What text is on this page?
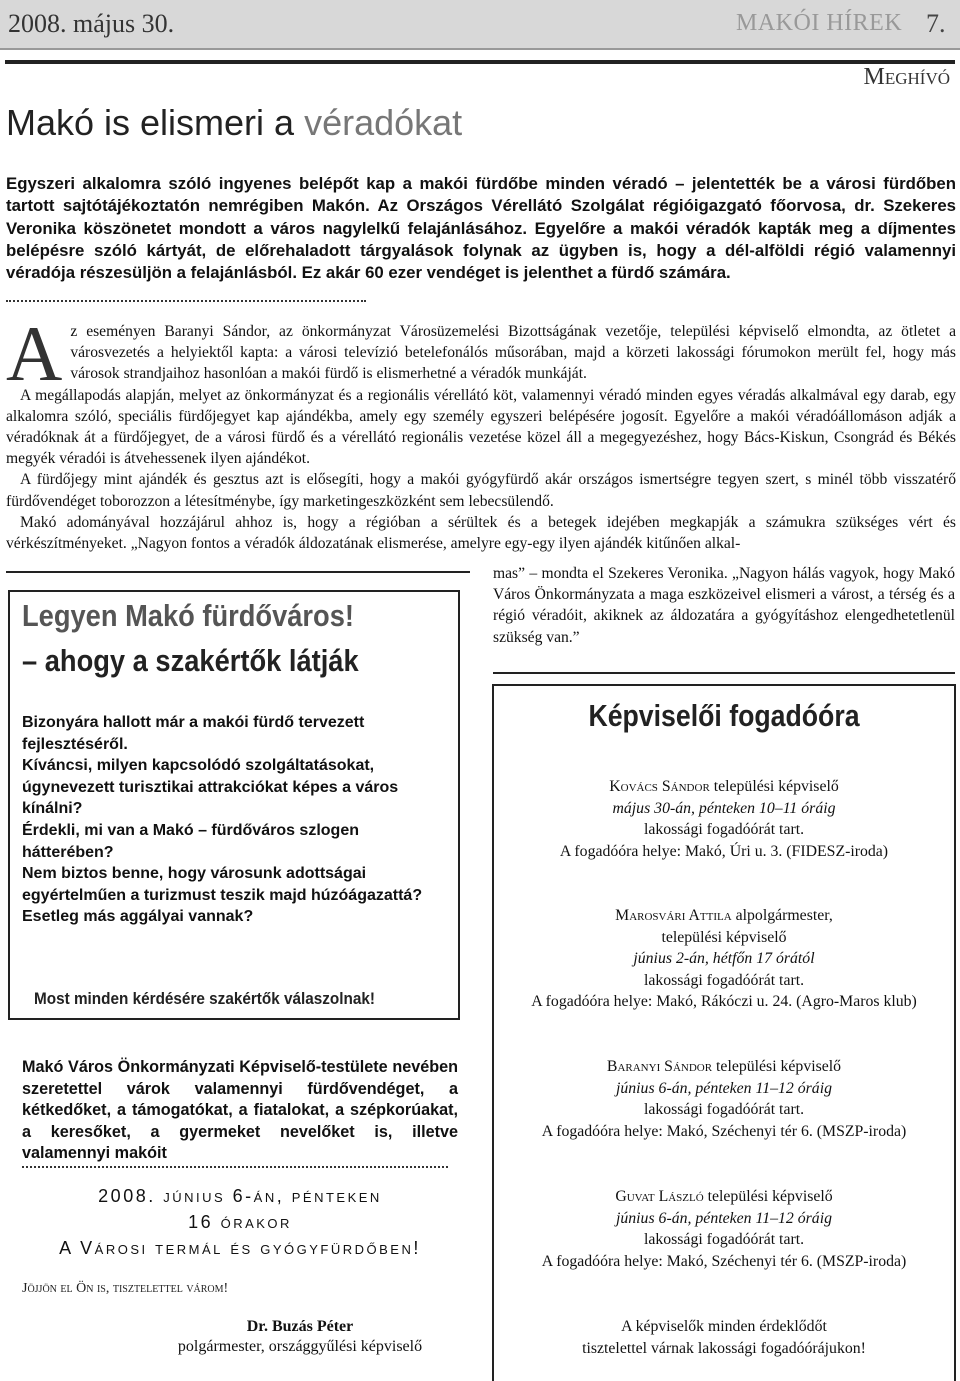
2008. május 30.	MAKÓI HÍREK 7.
Meghívó
Makó is elismeri a véradókat
Egyszeri alkalomra szóló ingyenes belépőt kap a makói fürdőbe minden véradó – jelentették be a városi fürdőben tartott sajtótájékoztatón nemrégiben Makón. Az Országos Vérellátó Szolgálat régióigazgató főorvosa, dr. Szekeres Veronika köszönetet mondott a város nagylelkű felajánlásához. Egyelőre a makói véradók kapták meg a díjmentes belépésre szóló kártyát, de előrehaladott tárgyalások folynak az ügyben is, hogy a dél-alföldi régió valamennyi véradója részesüljön a felajánlásból. Ez akár 60 ezer vendéget is jelenthet a fürdő számára.

Az eseményen Baranyi Sándor, az önkormányzat Városüzemelési Bizottságának vezetője, települési képviselő elmondta, az ötletet a városvezetés a helyiektől kapta: a városi televízió betelefonálós műsorában, majd a körzeti lakossági fórumokon merült fel, hogy más városok strandjaihoz hasonlóan a makói fürdő is elismerhetné a véradók munkáját.

A megállapodás alapján, melyet az önkormányzat és a regionális vérellátó köt, valamennyi véradó minden egyes véradás alkalmával egy darab, egy alkalomra szóló, speciális fürdőjegyet kap ajándékba, amely egy személy egyszeri belépésére jogosít. Egyelőre a makói véradóállomáson adják a véradóknak át a fürdőjegyet, de a városi fürdő és a vérellátó regionális vezetése közel áll a megegyezéshez, hogy Bács-Kiskun, Csongrád és Békés megyék véradói is átvehessenek ilyen ajándékot.

A fürdőjegy mint ajándék és gesztus azt is elősegíti, hogy a makói gyógyfürdő akár országos ismertségre tegyen szert, s minél több visszatérő fürdővendéget toborozzon a létesítménybe, így marketingeszközként sem lebecsülendő.

Makó adományával hozzájárul ahhoz is, hogy a régióban a sérültek és a betegek idejében megkapják a számukra szükséges vért és vérkészítményeket. „Nagyon fontos a véradók áldozatának elismerése, amelyre egy-egy ilyen ajándék kitűnően alkal-

mas” – mondta el Szekeres Veronika. „Nagyon hálás vagyok, hogy Makó Város Önkormányzata a maga eszközeivel elismeri a várost, a térség és a régió véradóit, akiknek az áldozatára a gyógyításhoz elengedhetetlenül szükség van.”
Legyen Makó fürdőváros!
– ahogy a szakértők látják
Bizonyára hallott már a makói fürdő tervezett fejlesztéséről.
Kíváncsi, milyen kapcsolódó szolgáltatásokat, úgynevezett turisztikai attrakciókat képes a város kínálni?
Érdekli, mi van a Makó – fürdőváros szlogen hátterében?
Nem biztos benne, hogy városunk adottságai egyértelműen a turizmust teszik majd húzóágazattá?
Esetleg más aggályai vannak?
Most minden kérdésére szakértők válaszolnak!
Makó Város Önkormányzati Képviselő-testülete nevében szeretettel várok valamennyi fürdővendéget, a kétkedőket, a támogatókat, a fiatalokat, a szépkorúakat, a keresőket, a gyermeket nevelőket is, illetve valamennyi makóit
2008. június 6-án, pénteken
16 órakor
A Városi termál és gyógyfürdőben!
Jöjjön el Ön is, tisztelettel várom!
Dr. Buzás Péter
polgármester, országgyűlési képviselő
Képviselői fogadóóra
Kovács Sándor települési képviselő
május 30-án, pénteken 10–11 óráig
lakossági fogadóórát tart.
A fogadóóra helye: Makó, Úri u. 3. (FIDESZ-iroda)
Marosvári Attila alpolgármester,
települési képviselő
június 2-án, hétfőn 17 órától
lakossági fogadóórát tart.
A fogadóóra helye: Makó, Rákóczi u. 24. (Agro-Maros klub)
Baranyi Sándor települési képviselő
június 6-án, pénteken 11–12 óráig
lakossági fogadóórát tart.
A fogadóóra helye: Makó, Széchenyi tér 6. (MSZP-iroda)
Guvat László települési képviselő
június 6-án, pénteken 11–12 óráig
lakossági fogadóórát tart.
A fogadóóra helye: Makó, Széchenyi tér 6. (MSZP-iroda)
A képviselők minden érdeklődőt
tisztelettel várnak lakossági fogadóórájukon!
